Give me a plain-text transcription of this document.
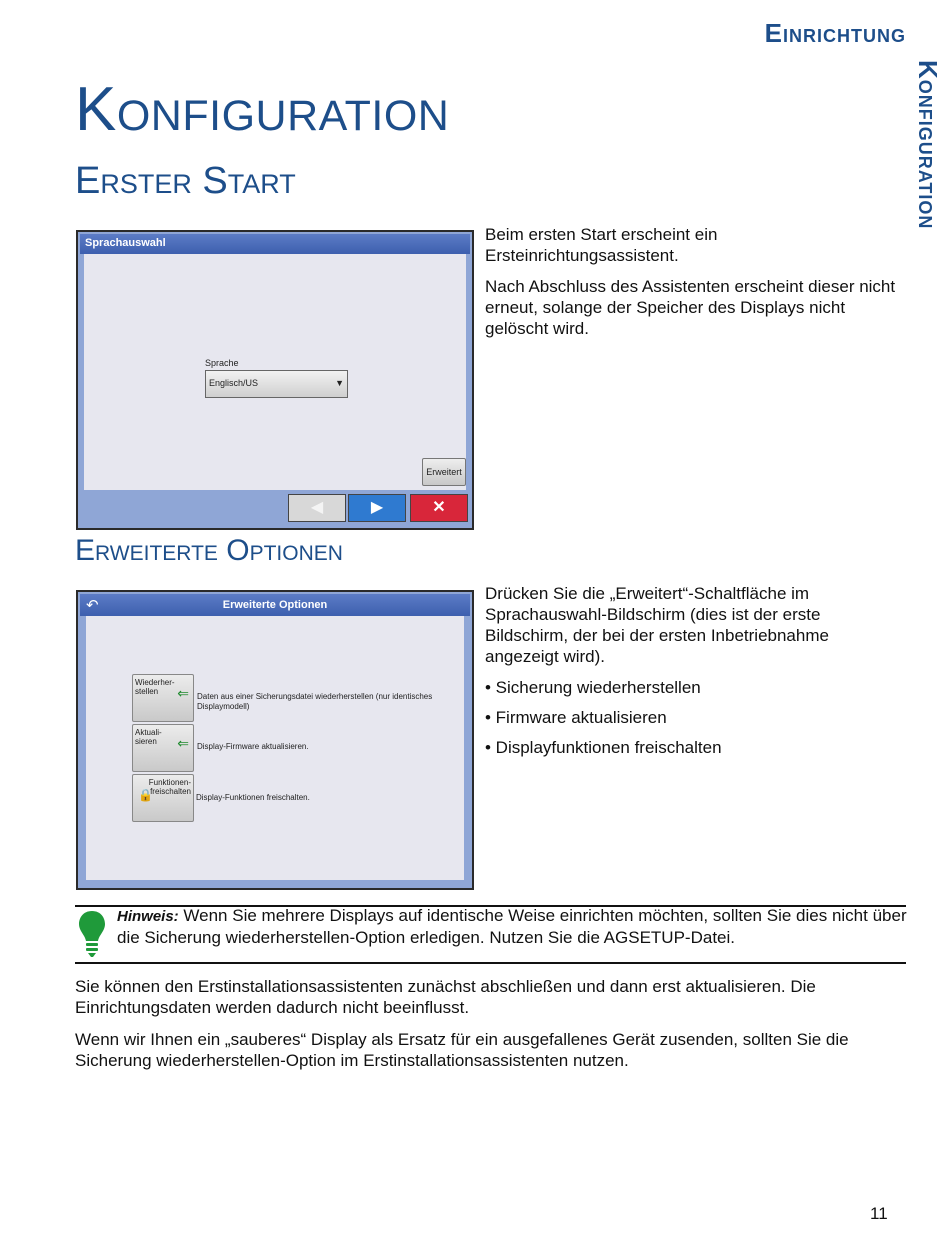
Einrichtung
Konfiguration
Konfiguration
Erster Start
Sprachauswahl
Sprache
Englisch/US	▼
Erweitert
◀	▶	✕

Beim ersten Start erscheint ein Ersteinrichtungsassistent.

Nach Abschluss des Assistenten erscheint dieser nicht erneut, solange der Speicher des Displays nicht gelöscht wird.

Erweiterte Optionen
Erweiterte Optionen
↶
Wiederher-
stellen ⇐ Daten aus einer Sicherungsdatei wiederherstellen (nur identisches Displaymodell)
Aktuali-
sieren ⇐ Display-Firmware aktualisieren.
Funktionen-
freischalten
🔒	Display-Funktionen freischalten.

Drücken Sie die „Erweitert“-Schaltfläche im Sprachauswahl-Bildschirm (dies ist der erste Bildschirm, der bei der ersten Inbetriebnahme angezeigt wird).

• Sicherung wiederherstellen
• Firmware aktualisieren
• Displayfunktionen freischalten
Hinweis: Wenn Sie mehrere Displays auf identische Weise einrichten möchten, sollten Sie dies nicht über die Sicherung wiederherstellen-Option erledigen. Nutzen Sie die AGSETUP-Datei.

Sie können den Erstinstallationsassistenten zunächst abschließen und dann erst aktualisieren. Die Einrichtungsdaten werden dadurch nicht beeinflusst.

Wenn wir Ihnen ein „sauberes“ Display als Ersatz für ein ausgefallenes Gerät zusenden, sollten Sie die Sicherung wiederherstellen-Option im Erstinstallationsassistenten nutzen.

11
